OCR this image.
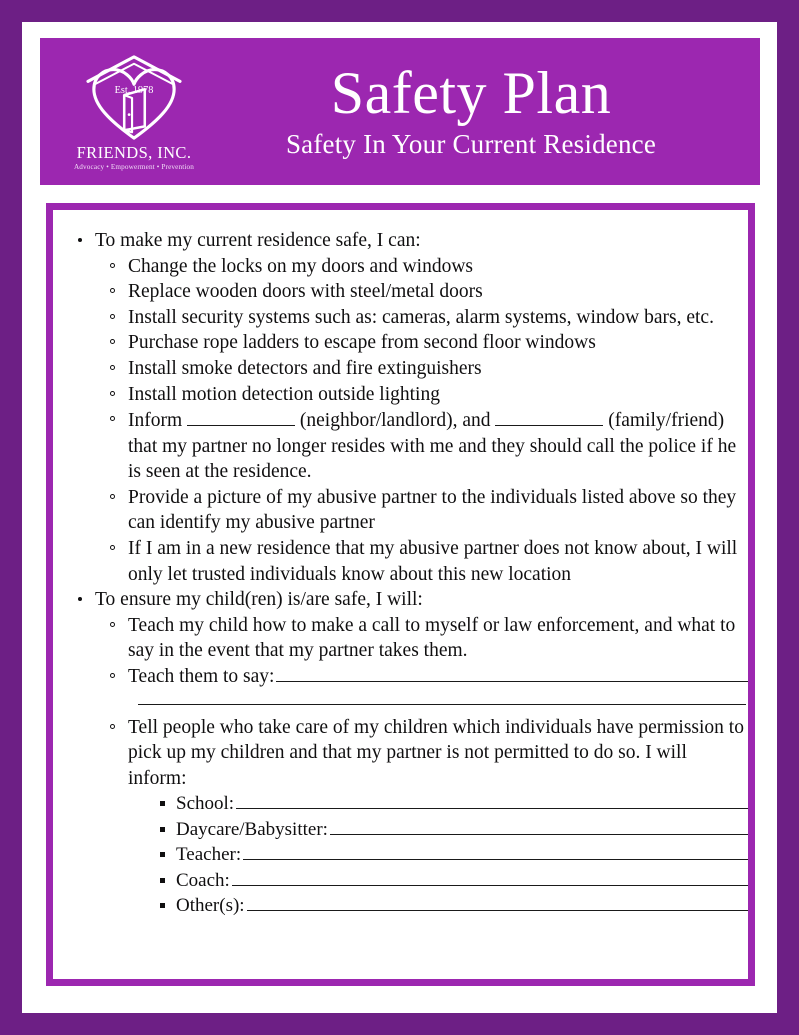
Est. 1978
FRIENDS, INC.
Advocacy • Empowerment • Prevention
Safety Plan
Safety In Your Current Residence
To make my current residence safe, I can:
Change the locks on my doors and windows
Replace wooden doors with steel/metal doors
Install security systems such as: cameras, alarm systems, window bars, etc.
Purchase rope ladders to escape from second floor windows
Install smoke detectors and fire extinguishers
Install motion detection outside lighting
Inform	(neighbor/landlord), and	(family/friend) that my partner no longer resides with me and they should call the police if he is seen at the residence.
Provide a picture of my abusive partner to the individuals listed above so they can identify my abusive partner
If I am in a new residence that my abusive partner does not know about, I will only let trusted individuals know about this new location
To ensure my child(ren) is/are safe, I will:
Teach my child how to make a call to myself or law enforcement, and what to say in the event that my partner takes them.
Teach them to say:
Tell people who take care of my children which individuals have permission to pick up my children and that my partner is not permitted to do so. I will inform:
School:
Daycare/Babysitter:
Teacher:
Coach:
Other(s):
